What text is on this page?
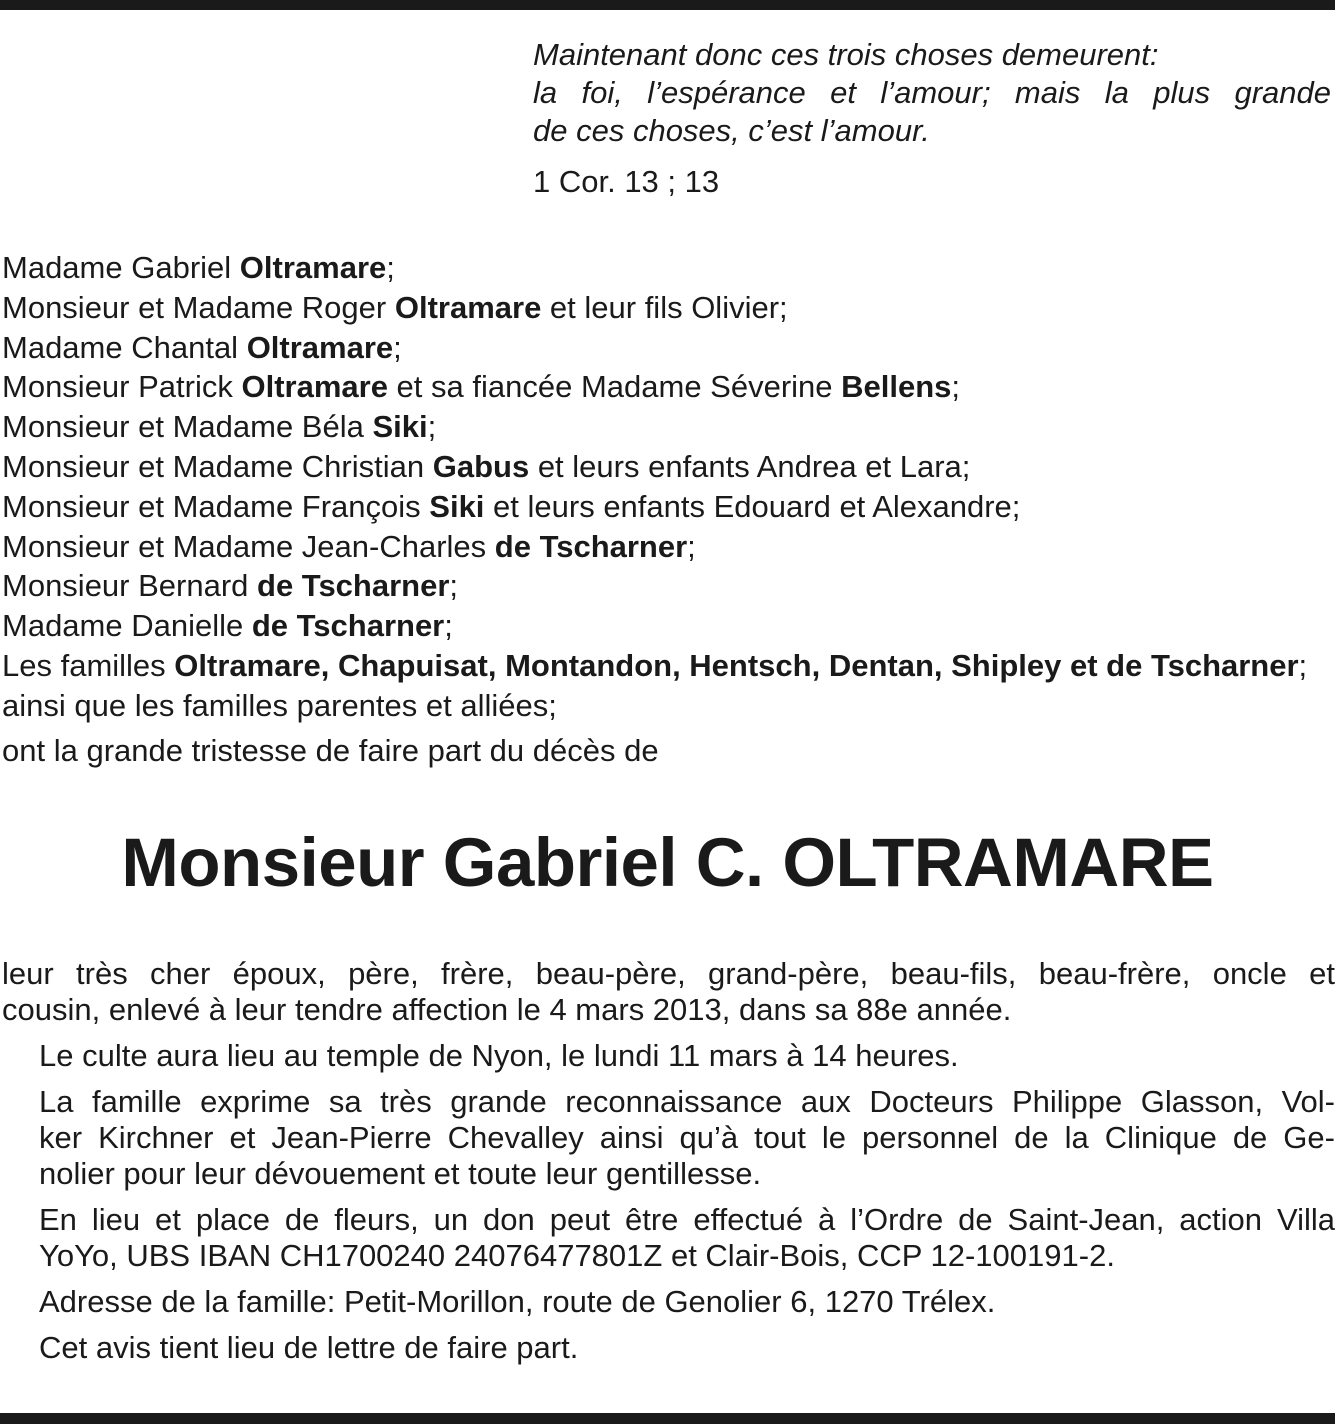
Maintenant donc ces trois choses demeurent:
la foi, l’espérance et l’amour; mais la plus grande
de ces choses, c’est l’amour.

1 Cor. 13 ; 13
Madame Gabriel Oltramare;
Monsieur et Madame Roger Oltramare et leur fils Olivier;
Madame Chantal Oltramare;
Monsieur Patrick Oltramare et sa fiancée Madame Séverine Bellens;
Monsieur et Madame Béla Siki;
Monsieur et Madame Christian Gabus et leurs enfants Andrea et Lara;
Monsieur et Madame François Siki et leurs enfants Edouard et Alexandre;
Monsieur et Madame Jean-Charles de Tscharner;
Monsieur Bernard de Tscharner;
Madame Danielle de Tscharner;
Les familles Oltramare, Chapuisat, Montandon, Hentsch, Dentan, Shipley et de Tscharner;
ainsi que les familles parentes et alliées;
ont la grande tristesse de faire part du décès de
Monsieur Gabriel C. OLTRAMARE

leur très cher époux, père, frère, beau-père, grand-père, beau-fils, beau-frère, oncle et
cousin, enlevé à leur tendre affection le 4 mars 2013, dans sa 88e année.

Le culte aura lieu au temple de Nyon, le lundi 11 mars à 14 heures.

La famille exprime sa très grande reconnaissance aux Docteurs Philippe Glasson, Vol-
ker Kirchner et Jean-Pierre Chevalley ainsi qu’à tout le personnel de la Clinique de Ge-
nolier pour leur dévouement et toute leur gentillesse.

En lieu et place de fleurs, un don peut être effectué à l’Ordre de Saint-Jean, action Villa
YoYo, UBS IBAN CH1700240 24076477801Z et Clair-Bois, CCP 12-100191-2.

Adresse de la famille: Petit-Morillon, route de Genolier 6, 1270 Trélex.

Cet avis tient lieu de lettre de faire part.
